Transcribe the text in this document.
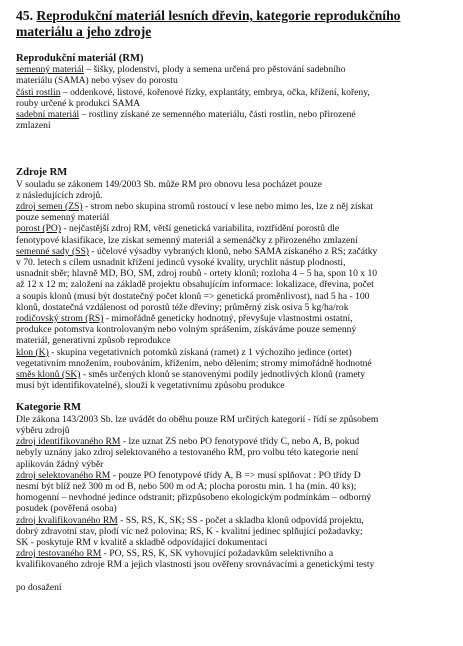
45. Reprodukční materiál lesních dřevin, kategorie reprodukčního
materiálu a jeho zdroje

Reprodukční materiál (RM)

semenný materiál – šišky, plodenství, plody a semena určená pro pěstování sadebního

materiálu (SAMA) nebo výsev do porostu

části rostlin – oddenkové, listové, kořenové řízky, explantáty, embrya, očka, křížení, kořeny,

rouby určené k produkci SAMA

sadební materiál – rostliny získané ze semenného materiálu, části rostlin, nebo přirozené

zmlazení

Zdroje RM

V souladu se zákonem 149/2003 Sb. může RM pro obnovu lesa pocházet pouze

z následujících zdrojů.

zdroj semen (ZS) - strom nebo skupina stromů rostoucí v lese nebo mimo les, lze z něj získat

pouze semenný materiál

porost (PO) - nejčastější zdroj RM, větší genetická variabilita, roztřídění porostů dle

fenotypové klasifikace, lze získat semenný materiál a semenáčky z přirozeného zmlazení

semenné sady (SS) - účelové výsadby vybraných klonů, nebo SAMA získaného z RS; začátky

v 70. letech s cílem usnadnit křížení jedinců vysoké kvality, urychlit nástup plodnosti,

usnadnit sběr; hlavně MD, BO, SM, zdroj roubů - ortety klonů; rozloha 4 – 5 ha, spon 10 x 10

až 12 x 12 m; založení na základě projektu obsahujícím informace: lokalizace, dřevina, počet

a soupis klonů (musí být dostatečný počet klonů => genetická proměnlivost), nad 5 ha - 100

klonů, dostatečná vzdálenost od porostů téže dřeviny; průměrný zisk osiva 5 kg/ha/rok

rodičovský strom (RS) - mimořádně geneticky hodnotný, převyšuje vlastnostmi ostatní,

produkce potomstva kontrolovaným nebo volným sprášením, získáváme pouze semenný

materiál, generativní způsob reprodukce

klon (K) - skupina vegetativních potomků získaná (ramet) z 1 výchozího jedince (ortet)

vegetativním množením, roubováním, křížením, nebo dělením; stromy mimořádně hodnotné

směs klonů (SK) - směs určených klonů se stanovenými podíly jednotlivých klonů (ramety

musí být identifikovatelné), slouží k vegetativnímu způsobu produkce

Kategorie RM

Dle zákona 143/2003 Sb. lze uvádět do oběhu pouze RM určitých kategorií - řídí se způsobem

výběru zdrojů

zdroj identifikovaného RM - lze uznat ZS nebo PO fenotypové třídy C, nebo A, B, pokud

nebyly uznány jako zdroj selektovaného a testovaného RM, pro volbu této kategorie není

aplikován žádný výběr

zdroj selektovaného RM - pouze PO fenotypové třídy A, B => musí splňovat : PO třídy D

nesmí být blíž než 300 m od B, nebo 500 m od A; plocha porostu min. 1 ha (min. 40 ks);

homogenní – nevhodné jedince odstranit; přizpůsobeno ekologickým podmínkám – odborný

posudek (pověřená osoba)

zdroj kvalifikovaného RM - SS, RS, K, SK; SS - počet a skladba klonů odpovídá projektu,

dobrý zdravotní stav, plodí víc než polovina; RS, K - kvalitní jedinec splňující požadavky;

SK - poskytuje RM v kvalitě a skladbě odpovídající dokumentaci

zdroj testovaného RM - PO, SS, RS, K, SK vyhovující požadavkům selektivního a

kvalifikovaného zdroje RM a jejich vlastnosti jsou ověřeny srovnávacími a genetickými testy

po dosažení
